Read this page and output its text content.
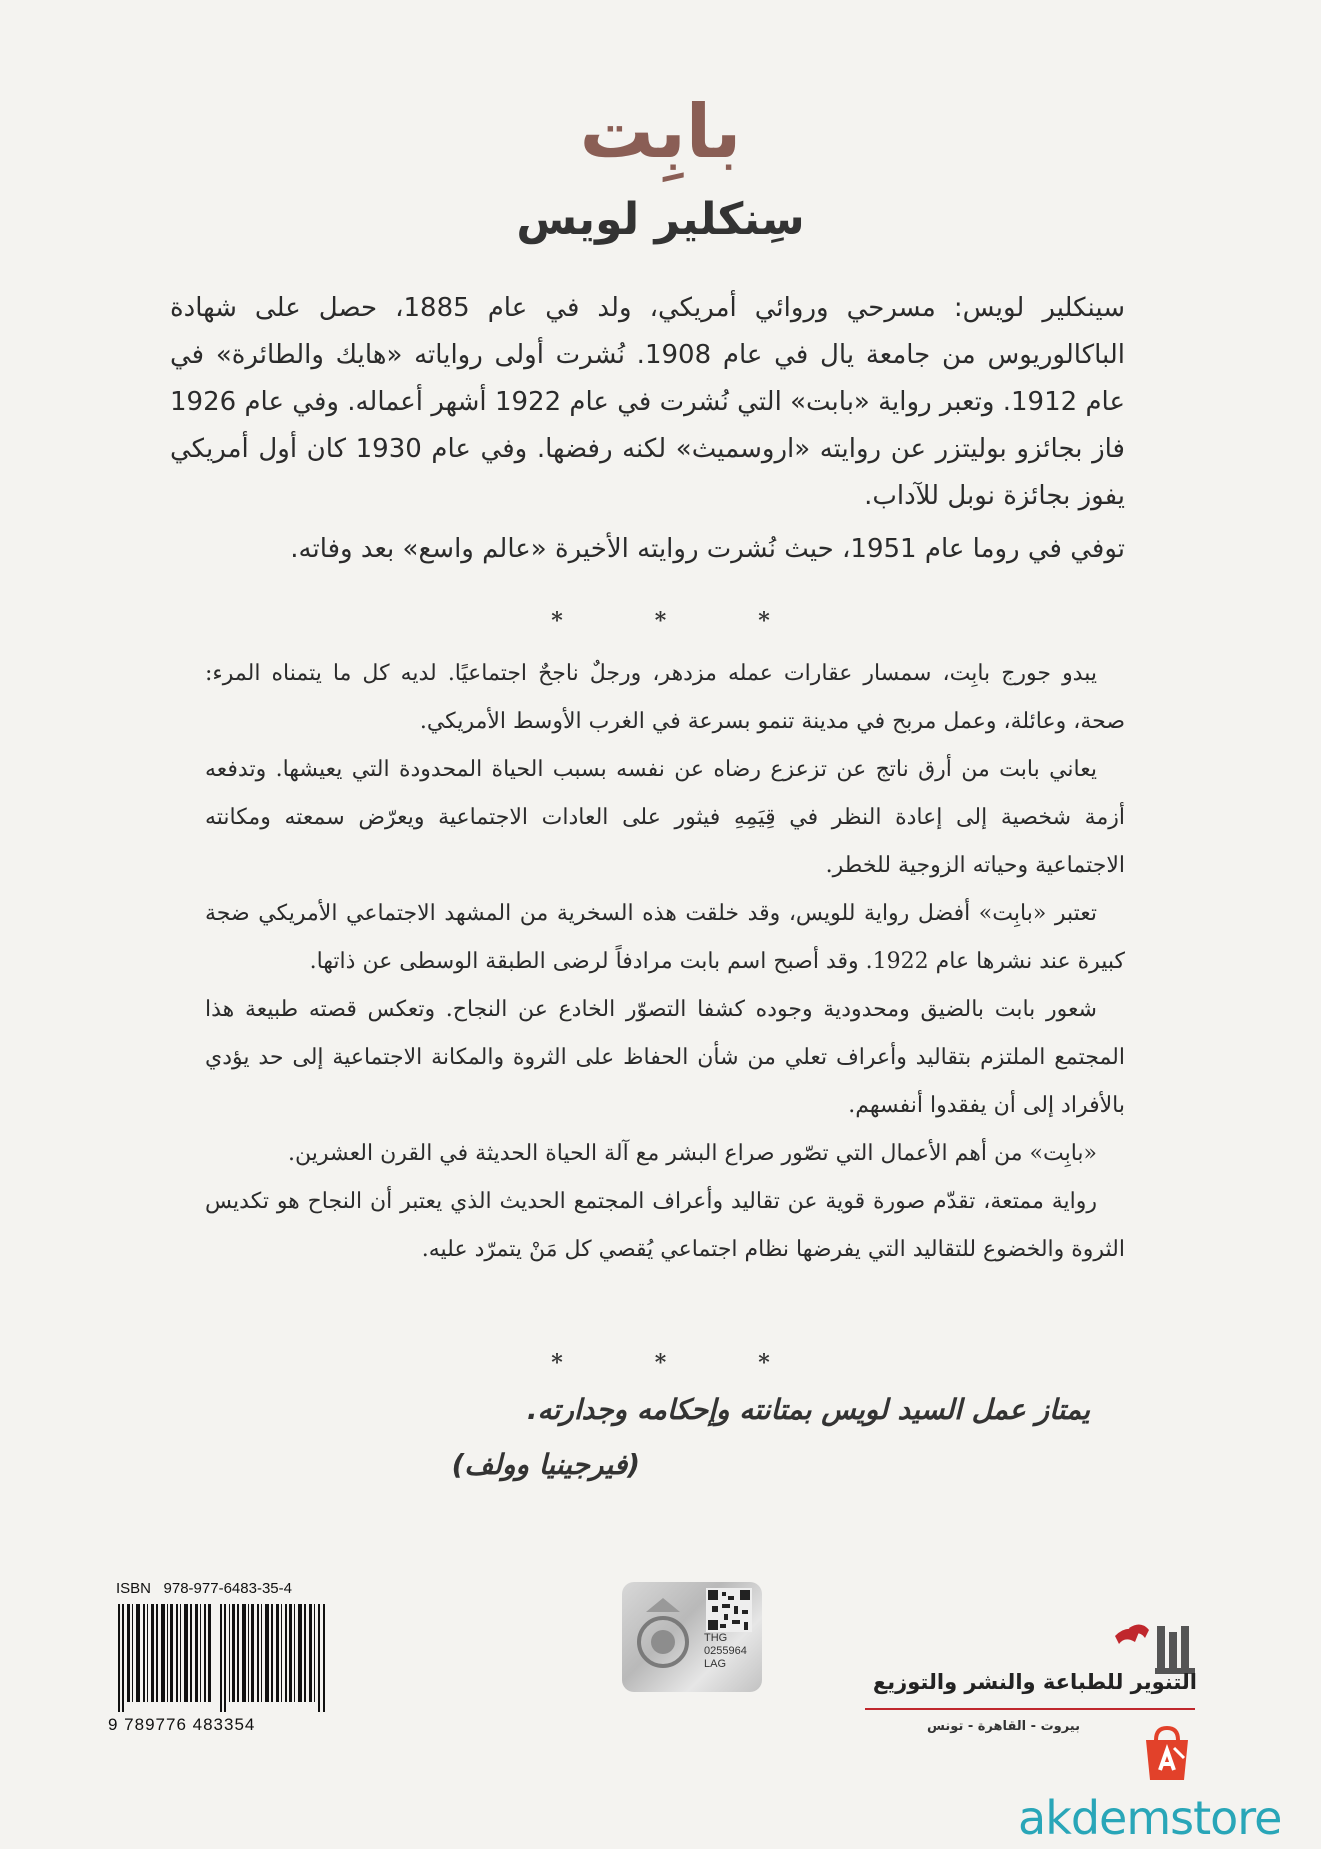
بابِت
سِنكلير لويس

سينكلير لويس: مسرحي وروائي أمريكي، ولد في عام 1885، حصل على شهادة الباكالوريوس من جامعة يال في عام 1908. نُشرت أولى رواياته «هايك والطائرة» في عام 1912. وتعبر رواية «بابت» التي نُشرت في عام 1922 أشهر أعماله. وفي عام 1926 فاز بجائزو بوليتزر عن روايته «اروسميث» لكنه رفضها. وفي عام 1930 كان أول أمريكي يفوز بجائزة نوبل للآداب.

توفي في روما عام 1951، حيث نُشرت روايته الأخيرة «عالم واسع» بعد وفاته.

*	*	*

يبدو جورج بابِت، سمسار عقارات عمله مزدهر، ورجلٌ ناجحٌ اجتماعيًا. لديه كل ما يتمناه المرء: صحة، وعائلة، وعمل مربح في مدينة تنمو بسرعة في الغرب الأوسط الأمريكي.

يعاني بابت من أرق ناتج عن تزعزع رضاه عن نفسه بسبب الحياة المحدودة التي يعيشها. وتدفعه أزمة شخصية إلى إعادة النظر في قِيَمِهِ فيثور على العادات الاجتماعية ويعرّض سمعته ومكانته الاجتماعية وحياته الزوجية للخطر.

تعتبر «بابِت» أفضل رواية للويس، وقد خلقت هذه السخرية من المشهد الاجتماعي الأمريكي ضجة كبيرة عند نشرها عام 1922. وقد أصبح اسم بابت مرادفاً لرضى الطبقة الوسطى عن ذاتها.

شعور بابت بالضيق ومحدودية وجوده كشفا التصوّر الخادع عن النجاح. وتعكس قصته طبيعة هذا المجتمع الملتزم بتقاليد وأعراف تعلي من شأن الحفاظ على الثروة والمكانة الاجتماعية إلى حد يؤدي بالأفراد إلى أن يفقدوا أنفسهم.

«بابِت» من أهم الأعمال التي تصّور صراع البشر مع آلة الحياة الحديثة في القرن العشرين.

رواية ممتعة، تقدّم صورة قوية عن تقاليد وأعراف المجتمع الحديث الذي يعتبر أن النجاح هو تكديس الثروة والخضوع للتقاليد التي يفرضها نظام اجتماعي يُقصي كل مَنْ يتمرّد عليه.

*	*	*
يمتاز عمل السيد لويس بمتانته وإحكامه وجدارته.
(فيرجينيا وولف)
ISBN 978-977-6483-35-4
9 789776 483354
THG 0255964 LAG
التنوير للطباعة والنشر والتوزيع
بيروت - القاهرة - تونس
akdemstore
